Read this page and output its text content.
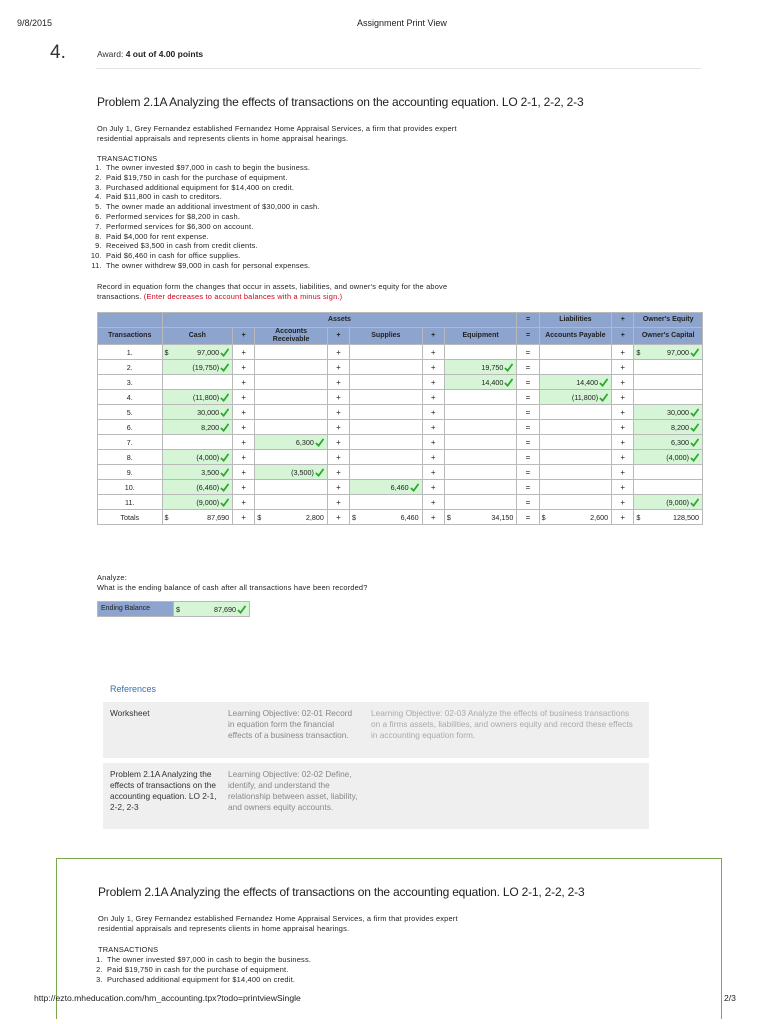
9/8/2015	Assignment Print View
4.	Award: 4 out of 4.00 points
Problem 2.1A Analyzing the effects of transactions on the accounting equation. LO 2-1, 2-2, 2-3
On July 1, Grey Fernandez established Fernandez Home Appraisal Services, a firm that provides expert
residential appraisals and represents clients in home appraisal hearings.
TRANSACTIONS
1. The owner invested $97,000 in cash to begin the business.
2. Paid $19,750 in cash for the purchase of equipment.
3. Purchased additional equipment for $14,400 on credit.
4. Paid $11,800 in cash to creditors.
5. The owner made an additional investment of $30,000 in cash.
6. Performed services for $8,200 in cash.
7. Performed services for $6,300 on account.
8. Paid $4,000 for rent expense.
9. Received $3,500 in cash from credit clients.
10. Paid $6,460 in cash for office supplies.
11. The owner withdrew $9,000 in cash for personal expenses.
Record in equation form the changes that occur in assets, liabilities, and owner's equity for the above
transactions. (Enter decreases to account balances with a minus sign.)
	Assets							=	Liabilities	+	Owner's Equity
Transactions	Cash	+	Accounts Receivable	+	Supplies	+	Equipment	=	Accounts Payable	+	Owner's Capital
1.	$ 97,000	+		+		+		=		+	$ 97,000
2.	(19,750)	+		+		+	19,750	=		+	
3.		+		+		+	14,400	=	14,400	+	
4.	(11,800)	+		+		+		=	(11,800)	+	
5.	30,000	+		+		+		=		+	30,000
6.	8,200	+		+		+		=		+	8,200
7.		+	6,300	+		+		=		+	6,300
8.	(4,000)	+		+		+		=		+	(4,000)
9.	3,500	+	(3,500)	+		+		=		+	
10.	(6,460)	+		+	6,460	+		=		+	
11.	(9,000)	+		+		+		=		+	(9,000)
Totals	$ 87,690	+	$ 2,800	+	$ 6,460	+	$ 34,150	=	$ 2,600	+	$ 128,500
Analyze:
What is the ending balance of cash after all transactions have been recorded?
Ending Balance	$	87,690
References
Worksheet	Learning Objective: 02-01 Record in equation form the financial effects of a business transaction.
Learning Objective: 02-03 Analyze the effects of business transactions on a firms assets, liabilities, and owners equity and record these effects in accounting equation form.
Problem 2.1A Analyzing the effects of transactions on the accounting equation. LO 2-1, 2-2, 2-3
Learning Objective: 02-02 Define, identify, and understand the relationship between asset, liability, and owners equity accounts.
Problem 2.1A Analyzing the effects of transactions on the accounting equation. LO 2-1, 2-2, 2-3
On July 1, Grey Fernandez established Fernandez Home Appraisal Services, a firm that provides expert
residential appraisals and represents clients in home appraisal hearings.
TRANSACTIONS
1. The owner invested $97,000 in cash to begin the business.
2. Paid $19,750 in cash for the purchase of equipment.
3. Purchased additional equipment for $14,400 on credit.
http://ezto.mheducation.com/hm_accounting.tpx?todo=printviewSingle	2/3
